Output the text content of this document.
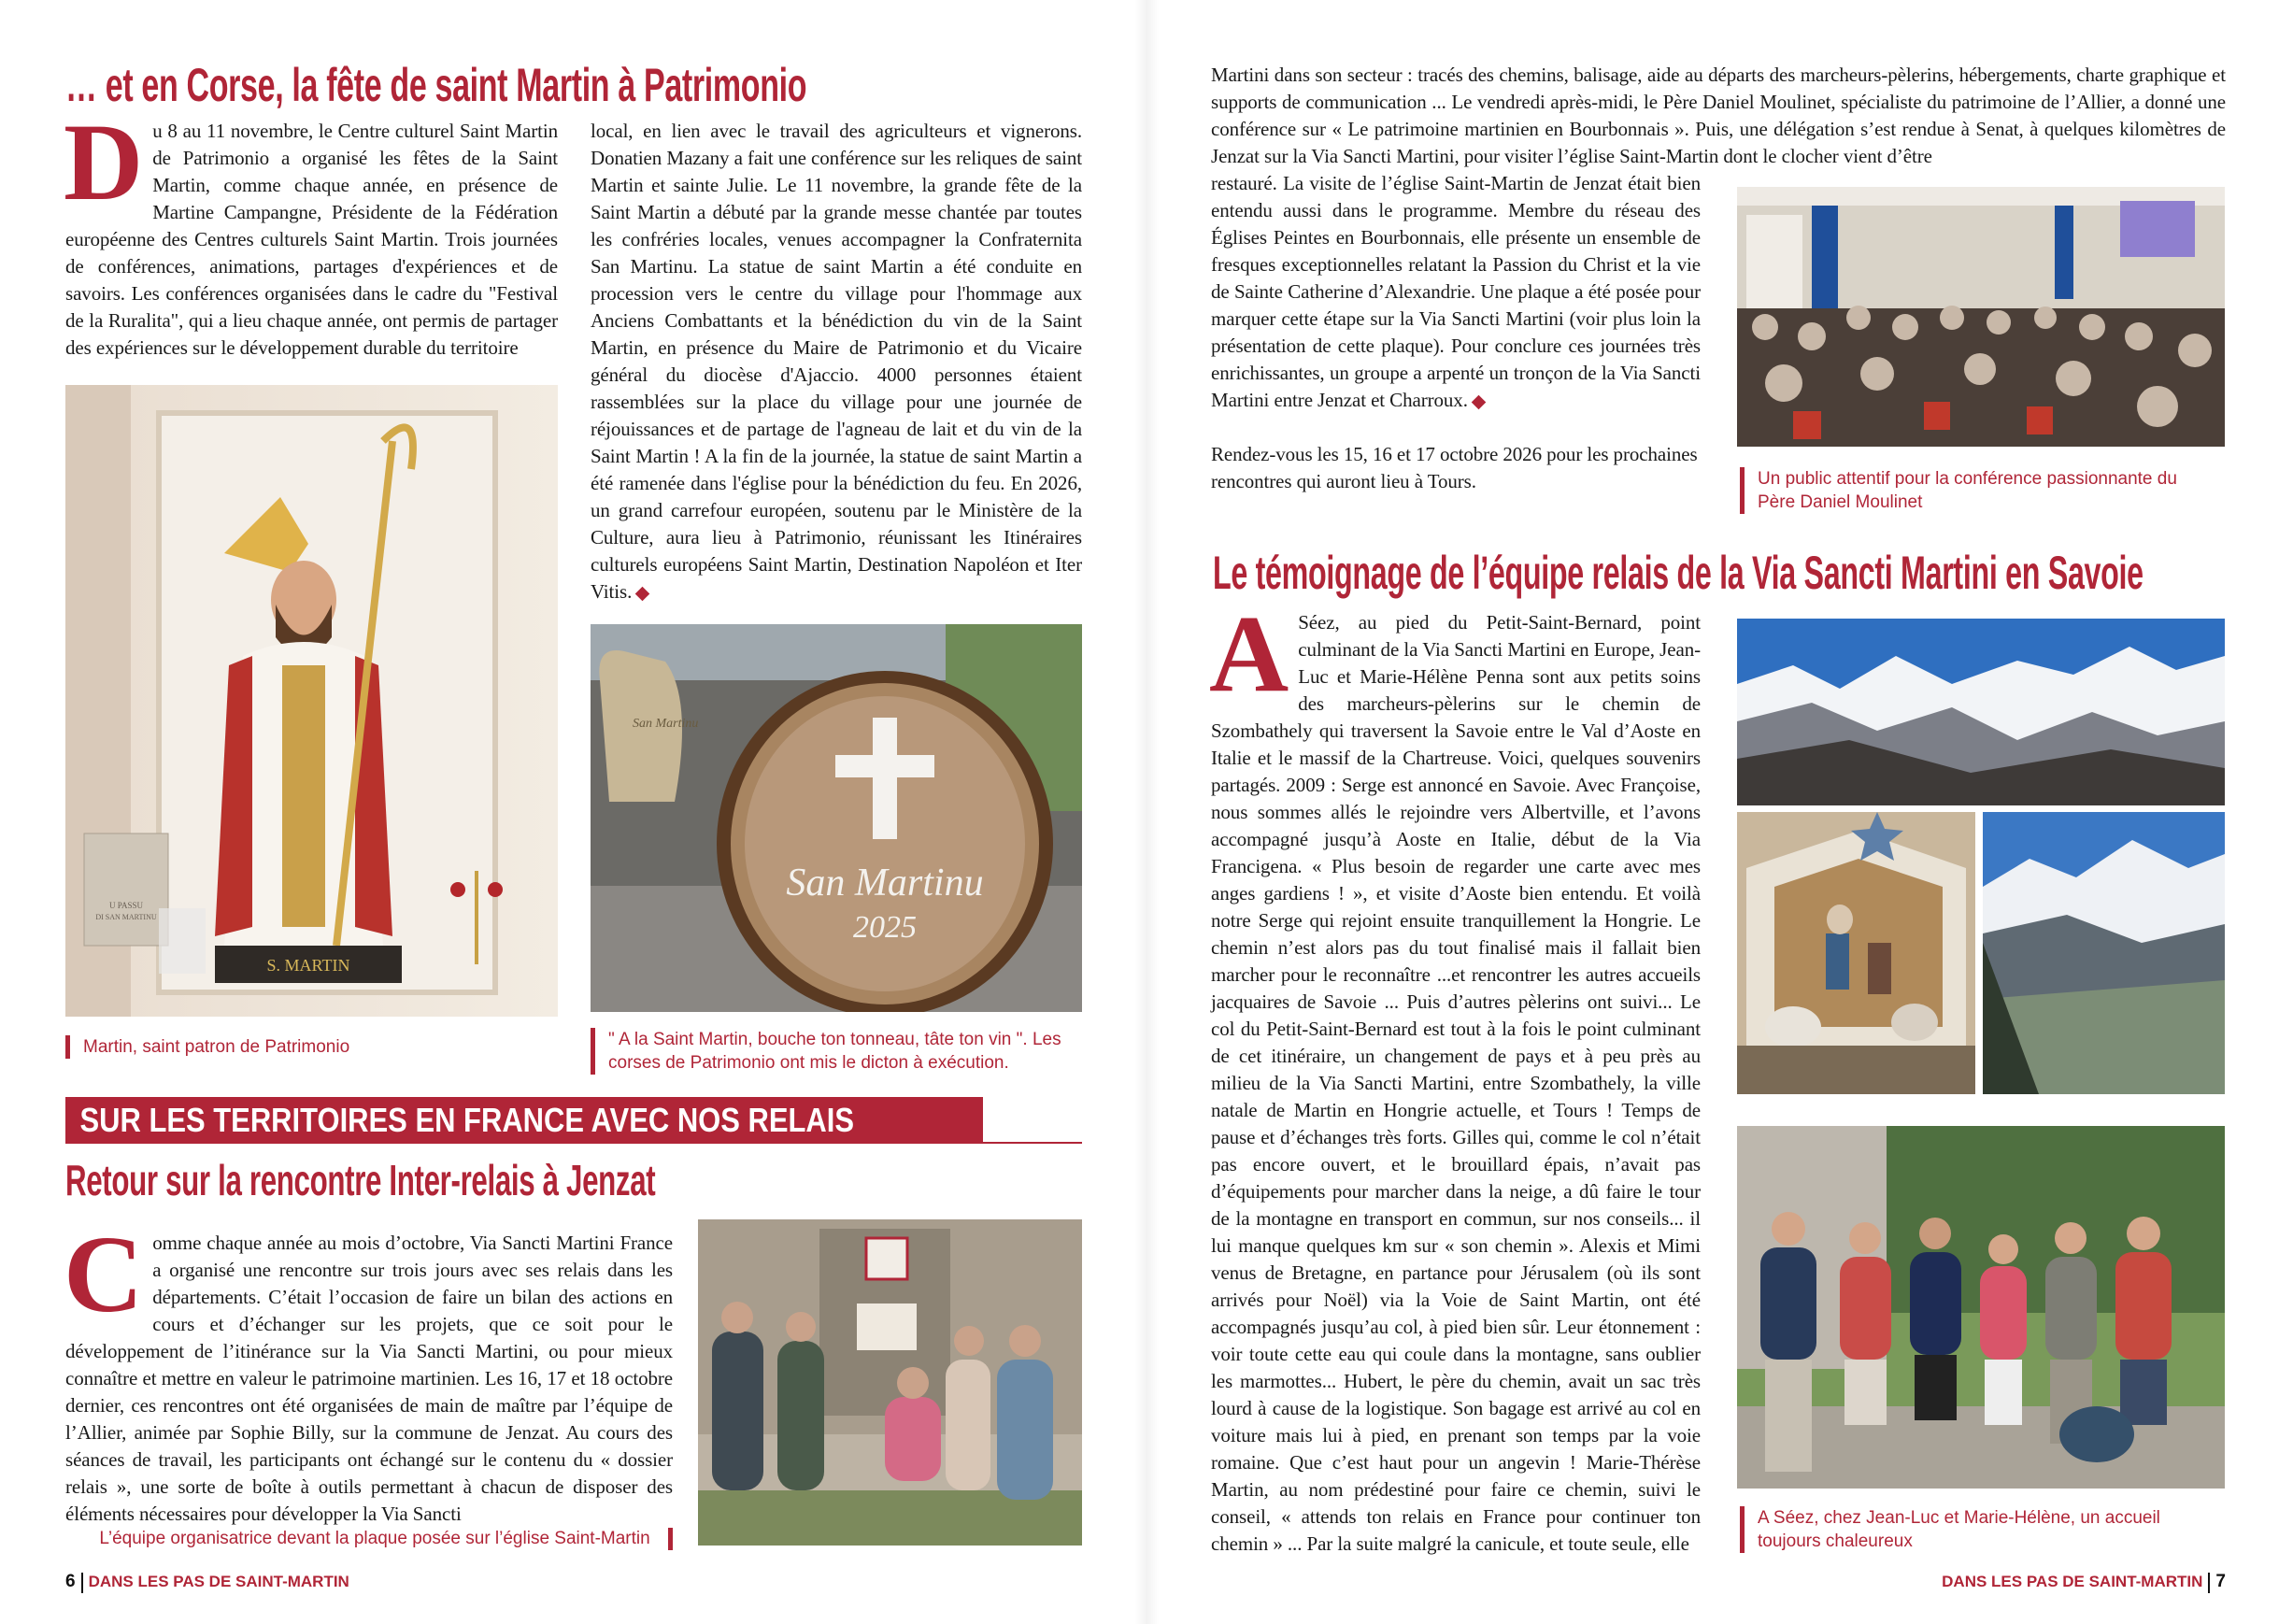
… et en Corse, la fête de saint Martin à Patrimonio
D u 8 au 11 novembre, le Centre culturel Saint Martin de Patrimonio a organisé les fêtes de la Saint Martin, comme chaque année, en présence de Martine Campangne, Présidente de la Fédération européenne des Centres culturels Saint Martin. Trois journées de conférences, animations, partages d'expériences et de savoirs. Les conférences organisées dans le cadre du "Festival de la Ruralita", qui a lieu chaque année, ont permis de partager des expériences sur le développement durable du territoire

S. MARTIN
U PASSU
DI SAN MARTINU
Martin, saint patron de Patrimonio

local, en lien avec le travail des agriculteurs et vignerons. Donatien Mazany a fait une conférence sur les reliques de saint Martin et sainte Julie. Le 11 novembre, la grande fête de la Saint Martin a débuté par la grande messe chantée par toutes les confréries locales, venues accompagner la Confraternita San Martinu. La statue de saint Martin a été conduite en procession vers le centre du village pour l'hommage aux Anciens Combattants et la bénédiction du vin de la Saint Martin, en présence du Maire de Patrimonio et du Vicaire général du diocèse d'Ajaccio. 4000 personnes étaient rassemblées sur la place du village pour une journée de réjouissances et de partage de l'agneau de lait et du vin de la Saint Martin ! A la fin de la journée, la statue de saint Martin a été ramenée dans l'église pour la bénédiction du feu. En 2026, un grand carrefour européen, soutenu par le Ministère de la Culture, aura lieu à Patrimonio, réunissant les Itinéraires culturels européens Saint Martin, Destination Napoléon et Iter Vitis.

San Martinu
San Martinu
2025
" A la Saint Martin, bouche ton tonneau, tâte ton vin ". Les corses de Patrimonio ont mis le dicton à exécution.
SUR LES TERRITOIRES EN FRANCE AVEC NOS RELAIS
Retour sur la rencontre Inter-relais à Jenzat
C omme chaque année au mois d’octobre, Via Sancti Martini France a organisé une rencontre sur trois jours avec ses relais dans les départements. C’était l’occasion de faire un bilan des actions en cours et d’échanger sur les projets, que ce soit pour le développement de l’itinérance sur la Via Sancti Martini, ou pour mieux connaître et mettre en valeur le patrimoine martinien. Les 16, 17 et 18 octobre dernier, ces rencontres ont été organisées de main de maître par l’équipe de l’Allier, animée par Sophie Billy, sur la commune de Jenzat. Au cours des séances de travail, les participants ont échangé sur le contenu du « dossier relais », une sorte de boîte à outils permettant à chacun de disposer des éléments nécessaires pour développer la Via Sancti

L’équipe organisatrice devant la plaque posée sur l’église Saint-Martin
6 DANS LES PAS DE SAINT-MARTIN

Martini dans son secteur : tracés des chemins, balisage, aide au départs des marcheurs-pèlerins, hébergements, charte graphique et supports de communication ... Le vendredi après-midi, le Père Daniel Moulinet, spécialiste du patrimoine de l’Allier, a donné une conférence sur « Le patrimoine martinien en Bourbonnais ». Puis, une délégation s’est rendue à Senat, à quelques kilomètres de Jenzat sur la Via Sancti Martini, pour visiter l’église Saint-Martin dont le clocher vient d’être

restauré. La visite de l’église Saint-Martin de Jenzat était bien entendu aussi dans le programme. Membre du réseau des Églises Peintes en Bourbonnais, elle présente un ensemble de fresques exceptionnelles relatant la Passion du Christ et la vie de Sainte Catherine d’Alexandrie. Une plaque a été posée pour marquer cette étape sur la Via Sancti Martini (voir plus loin la présentation de cette plaque). Pour conclure ces journées très enrichissantes, un groupe a arpenté un tronçon de la Via Sancti Martini entre Jenzat et Charroux.

Rendez-vous les 15, 16 et 17 octobre 2026 pour les prochaines rencontres qui auront lieu à Tours.	Un public attentif pour la conférence passionnante du Père Daniel Moulinet
Le témoignage de l’équipe relais de la Via Sancti Martini en Savoie
A Séez, au pied du Petit-Saint-Bernard, point culminant de la Via Sancti Martini en Europe, Jean-Luc et Marie-Hélène Penna sont aux petits soins des marcheurs-pèlerins sur le chemin de Szombathely qui traversent la Savoie entre le Val d’Aoste en Italie et le massif de la Chartreuse. Voici, quelques souvenirs partagés. 2009 : Serge est annoncé en Savoie. Avec Françoise, nous sommes allés le rejoindre vers Albertville, et l’avons accompagné jusqu’à Aoste en Italie, début de la Via Francigena. « Plus besoin de regarder une carte avec mes anges gardiens ! », et visite d’Aoste bien entendu. Et voilà notre Serge qui rejoint ensuite tranquillement la Hongrie. Le chemin n’est alors pas du tout finalisé mais il fallait bien marcher pour le reconnaître ...et rencontrer les autres accueils jacquaires de Savoie ... Puis d’autres pèlerins ont suivi... Le col du Petit-Saint-Bernard est tout à la fois le point culminant de cet itinéraire, un changement de pays et à peu près au milieu de la Via Sancti Martini, entre Szombathely, la ville natale de Martin en Hongrie actuelle, et Tours ! Temps de pause et d’échanges très forts. Gilles qui, comme le col n’était pas encore ouvert, et le brouillard épais, n’avait pas d’équipements pour marcher dans la neige, a dû faire le tour de la montagne en transport en commun, sur nos conseils... il lui manque quelques km sur « son chemin ». Alexis et Mimi venus de Bretagne, en partance pour Jérusalem (où ils sont arrivés pour Noël) via la Voie de Saint Martin, ont été accompagnés jusqu’au col, à pied bien sûr. Leur étonnement : voir toute cette eau qui coule dans la montagne, sans oublier les marmottes... Hubert, le père du chemin, avait un sac très lourd à cause de la logistique. Son bagage est arrivé au col en voiture mais lui à pied, en prenant son temps par la voie romaine. Que c’est haut pour un angevin ! Marie-Thérèse Martin, au nom prédestiné pour faire ce chemin, suivi le conseil, « attends ton relais en France pour continuer ton chemin » ... Par la suite malgré la canicule, et toute seule, elle

A Séez, chez Jean-Luc et Marie-Hélène, un accueil toujours chaleureux
DANS LES PAS DE SAINT-MARTIN 7
